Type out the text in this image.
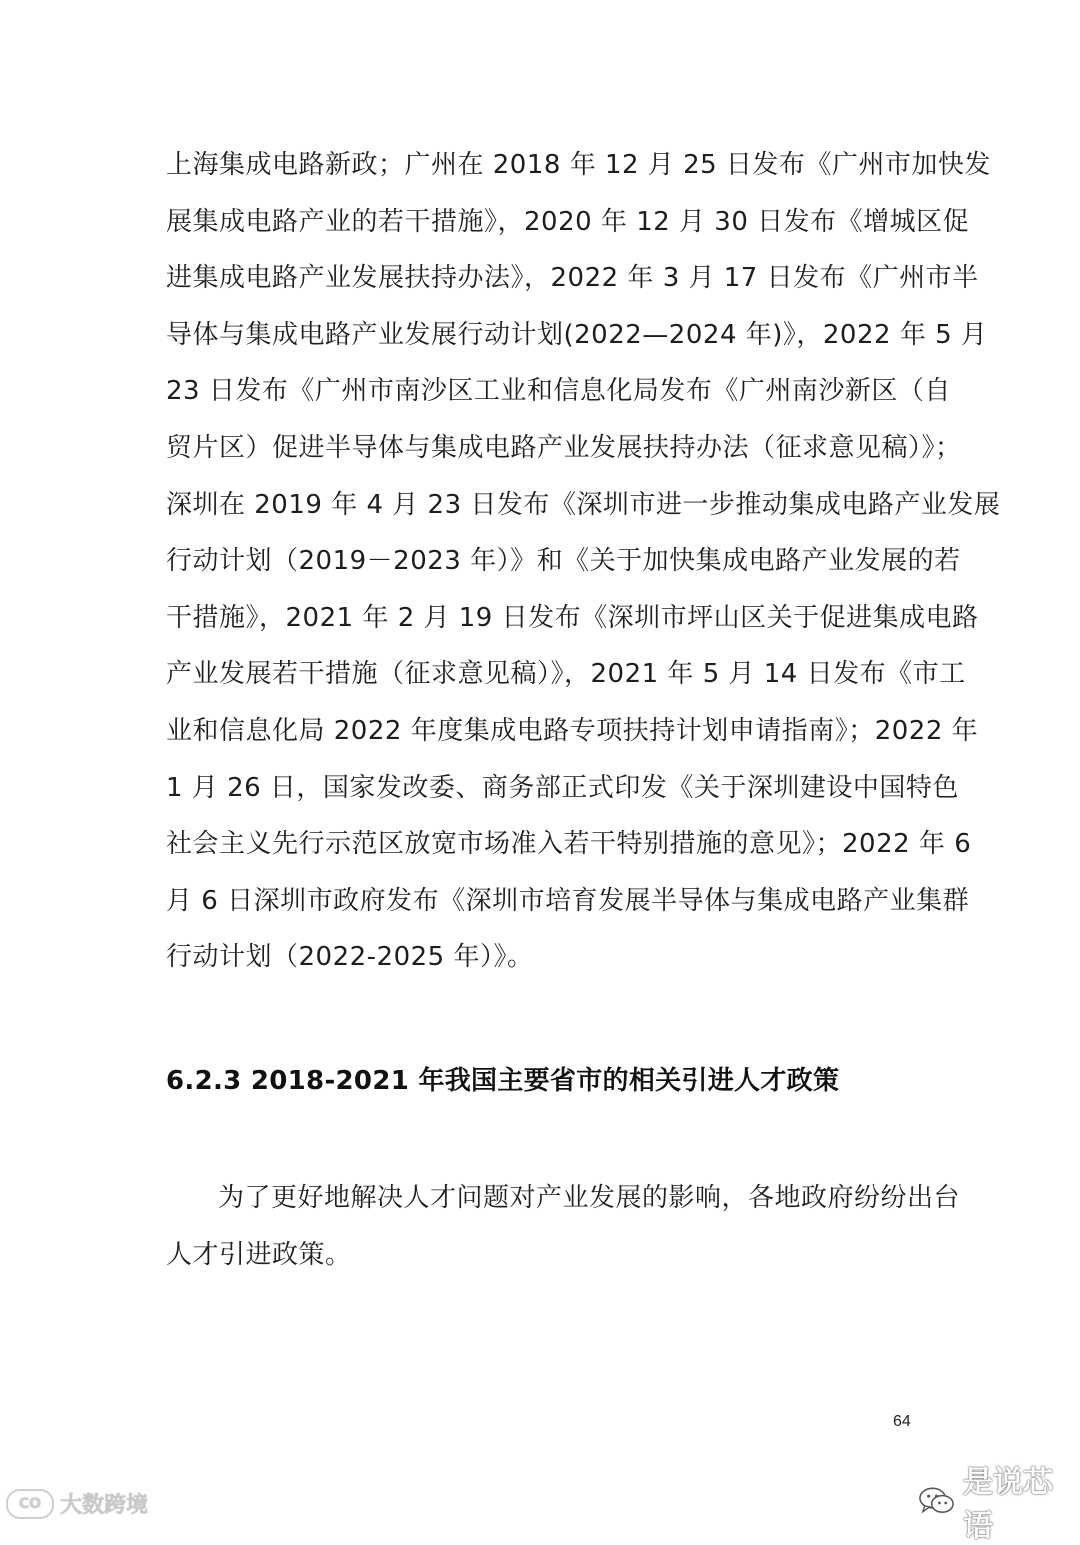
上海集成电路新政；广州在 2018 年 12 月 25 日发布《广州市加快发
展集成电路产业的若干措施》，2020 年 12 月 30 日发布《增城区促
进集成电路产业发展扶持办法》，2022 年 3 月 17 日发布《广州市半
导体与集成电路产业发展行动计划(2022—2024 年)》，2022 年 5 月
23 日发布《广州市南沙区工业和信息化局发布《广州南沙新区（自
贸片区）促进半导体与集成电路产业发展扶持办法（征求意见稿）》；
深圳在 2019 年 4 月 23 日发布《深圳市进一步推动集成电路产业发展
行动计划（2019－2023 年）》和《关于加快集成电路产业发展的若
干措施》，2021 年 2 月 19 日发布《深圳市坪山区关于促进集成电路
产业发展若干措施（征求意见稿）》，2021 年 5 月 14 日发布《市工
业和信息化局 2022 年度集成电路专项扶持计划申请指南》；2022 年
1 月 26 日，国家发改委、商务部正式印发《关于深圳建设中国特色
社会主义先行示范区放宽市场准入若干特别措施的意见》；2022 年 6
月 6 日深圳市政府发布《深圳市培育发展半导体与集成电路产业集群
行动计划（2022-2025 年）》。
6.2.3 2018-2021 年我国主要省市的相关引进人才政策
为了更好地解决人才问题对产业发展的影响，各地政府纷纷出台
人才引进政策。
64
CO 大数跨境
是说芯语
